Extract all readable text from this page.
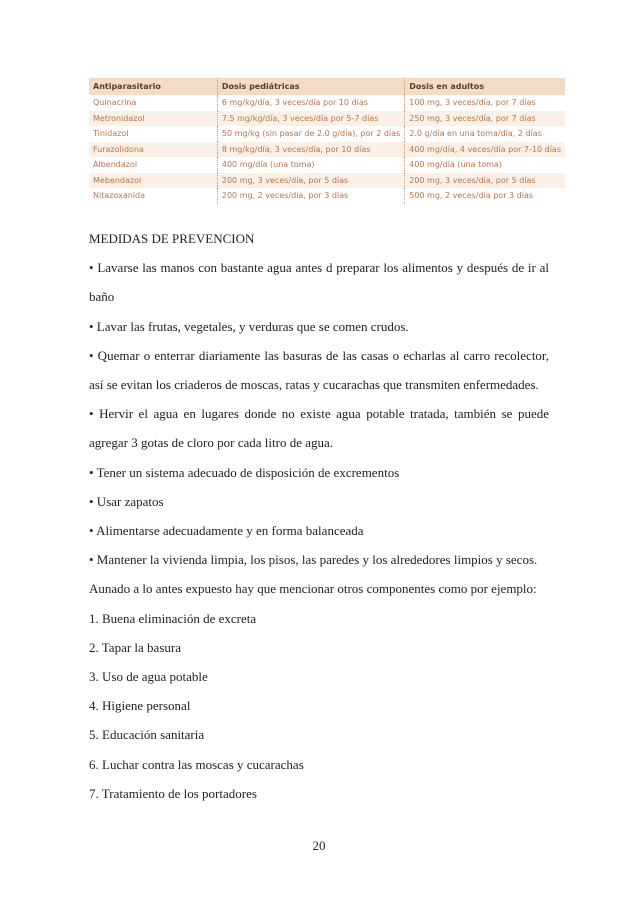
Antiparasitario	Dosis pediátricas	Dosis en adultos
Quinacrina	6 mg/kg/día, 3 veces/día por 10 días	100 mg, 3 veces/día, por 7 días
Metronidazol	7.5 mg/kg/día, 3 veces/día por 5-7 días	250 mg, 3 veces/día, por 7 días
Tinidazol	50 mg/kg (sin pasar de 2.0 g/día), por 2 días	2.0 g/día en una toma/día, 2 días
Furazolidona	8 mg/kg/día, 3 veces/día, por 10 días	400 mg/día, 4 veces/día por 7-10 días
Albendazol	400 mg/día (una toma)	400 mg/día (una toma)
Mebendazol	200 mg, 3 veces/día, por 5 días	200 mg, 3 veces/día, por 5 días
Nitazoxanida	200 mg, 2 veces/día, por 3 días	500 mg, 2 veces/día por 3 días

MEDIDAS DE PREVENCION

• Lavarse las manos con bastante agua antes d preparar los alimentos y después de ir al

baño

• Lavar las frutas, vegetales, y verduras que se comen crudos.

• Quemar o enterrar diariamente las basuras de las casas o echarlas al carro recolector,

así se evitan los criaderos de moscas, ratas y cucarachas que transmiten enfermedades.

• Hervir el agua en lugares donde no existe agua potable tratada, también se puede

agregar 3 gotas de cloro por cada litro de agua.

• Tener un sistema adecuado de disposición de excrementos

• Usar zapatos

• Alimentarse adecuadamente y en forma balanceada

• Mantener la vivienda limpia, los pisos, las paredes y los alrededores limpios y secos.

Aunado a lo antes expuesto hay que mencionar otros componentes como por ejemplo:

1. Buena eliminación de excreta

2. Tapar la basura

3. Uso de agua potable

4. Higiene personal

5. Educación sanitaria

6. Luchar contra las moscas y cucarachas

7. Tratamiento de los portadores

20
